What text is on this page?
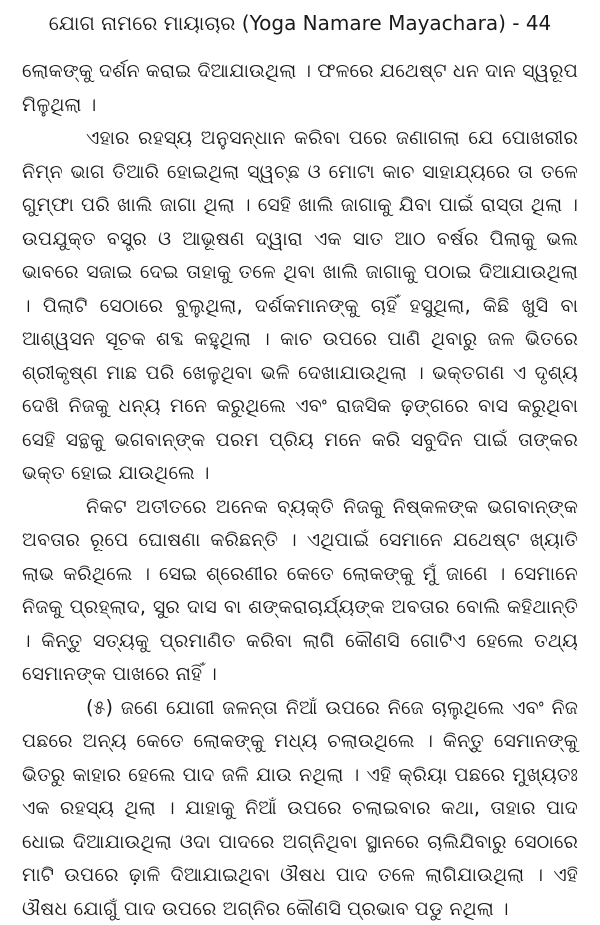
ଯୋଗ ନାମରେ ମାୟାଚାର (Yoga Namare Mayachara) - 44

ଲୋକଙ୍କୁ ଦର୍ଶନ କରାଇ ଦିଆଯାଉଥିଲା । ଫଳରେ ଯଥେଷ୍ଟ ଧନ ଦାନ ସ୍ୱରୂପ ମିଳୁଥିଲା ।

ଏହାର ରହସ୍ୟ ଅନୁସନ୍ଧାନ କରିବା ପରେ ଜଣାଗଲା ଯେ ପୋଖରୀର ନିମ୍ନ ଭାଗ ତିଆରି ହୋଇଥିଲା ସ୍ୱଚ୍ଛ ଓ ମୋଟା କାଚ ସାହାଯ୍ୟରେ ତା ତଳେ ଗୁମ୍ଫା ପରି ଖାଲି ଜାଗା ଥିଲା । ସେହି ଖାଲି ଜାଗାକୁ ଯିବା ପାଇଁ ରାସ୍ତା ଥିଲା । ଉପଯୁକ୍ତ ବସ୍ତ୍ର ଓ ଆଭୂଷଣ ଦ୍ୱାରା ଏକ ସାତ ଆଠ ବର୍ଷର ପିଲାକୁ ଭଲ ଭାବରେ ସଜାଇ ଦେଇ ତାହାକୁ ତଳେ ଥିବା ଖାଲି ଜାଗାକୁ ପଠାଇ ଦିଆଯାଉଥିଲା । ପିଲାଟି ସେଠାରେ ବୁଲୁଥିଲା, ଦର୍ଶକମାନଙ୍କୁ ଚାହିଁ ହସୁଥିଲା, କିଛି ଖୁସି ବା ଆଶ୍ୱସନ ସୂଚକ ଶବ୍ଦ କହୁଥିଲା । କାଚ ଉପରେ ପାଣି ଥିବାରୁ ଜଳ ଭିତରେ ଶ୍ରୀକୃଷ୍ଣ ମାଛ ପରି ଖେଳୁଥିବା ଭଳି ଦେଖାଯାଉଥିଲା । ଭକ୍ତଗଣ ଏ ଦୃଶ୍ୟ ଦେଖି ନିଜକୁ ଧନ୍ୟ ମନେ କରୁଥିଲେ ଏବଂ ରାଜସିକ ଢ଼ଙ୍ଗରେ ବାସ କରୁଥିବା ସେହି ସନ୍ଥକୁ ଭଗବାନ୍‌ଙ୍କ ପରମ ପ୍ରିୟ ମନେ କରି ସବୁଦିନ ପାଇଁ ତାଙ୍କର ଭକ୍ତ ହୋଇ ଯାଉଥିଲେ ।

ନିକଟ ଅତୀତରେ ଅନେକ ବ୍ୟକ୍ତି ନିଜକୁ ନିଷ୍କଳଙ୍କ ଭଗବାନ୍‌ଙ୍କ ଅବତାର ରୂପେ ଘୋଷଣା କରିଛନ୍ତି । ଏଥିପାଇଁ ସେମାନେ ଯଥେଷ୍ଟ ଖ୍ୟାତି ଲାଭ କରିଥିଲେ । ସେଇ ଶ୍ରେଣୀର କେତେ ଲୋକଙ୍କୁ ମୁଁ ଜାଣେ । ସେମାନେ ନିଜକୁ ପ୍ରହ୍ଲାଦ, ସୁର ଦାସ ବା ଶଙ୍କରାଚାର୍ଯ୍ୟଙ୍କ ଅବତାର ବୋଲି କହିଥାନ୍ତି । କିନ୍ତୁ ସତ୍ୟକୁ ପ୍ରମାଣିତ କରିବା ଲାଗି କୌଣସି ଗୋଟିଏ ହେଲେ ତଥ୍ୟ ସେମାନଙ୍କ ପାଖରେ ନାହିଁ ।

(୫) ଜଣେ ଯୋଗୀ ଜଳନ୍ତା ନିଆଁ ଉପରେ ନିଜେ ଚାଲୁଥିଲେ ଏବଂ ନିଜ ପଛରେ ଅନ୍ୟ କେତେ ଲୋକଙ୍କୁ ମଧ୍ୟ ଚଲାଉଥିଲେ । କିନ୍ତୁ ସେମାନଙ୍କୁ ଭିତରୁ କାହାର ହେଲେ ପାଦ ଜଳି ଯାଉ ନଥିଲା । ଏହି କ୍ରିୟା ପଛରେ ମୁଖ୍ୟତଃ ଏକ ରହସ୍ୟ ଥିଲା । ଯାହାକୁ ନିଆଁ ଉପରେ ଚଲାଇବାର କଥା, ତାହାର ପାଦ ଧୋଇ ଦିଆଯାଉଥିଲା ଓଦା ପାଦରେ ଅଗ୍ନିଥିବା ସ୍ଥାନରେ ଚାଲିଯିବାରୁ ସେଠାରେ ମାଟି ଉପରେ ଢ଼ାଳି ଦିଆଯାଇଥିବା ଔଷଧ ପାଦ ତଳେ ଲାଗିଯାଉଥିଲା । ଏହି ଔଷଧ ଯୋଗୁଁ ପାଦ ଉପରେ ଅଗ୍ନିର କୌଣସି ପ୍ରଭାବ ପଡୁ ନଥିଲା ।
